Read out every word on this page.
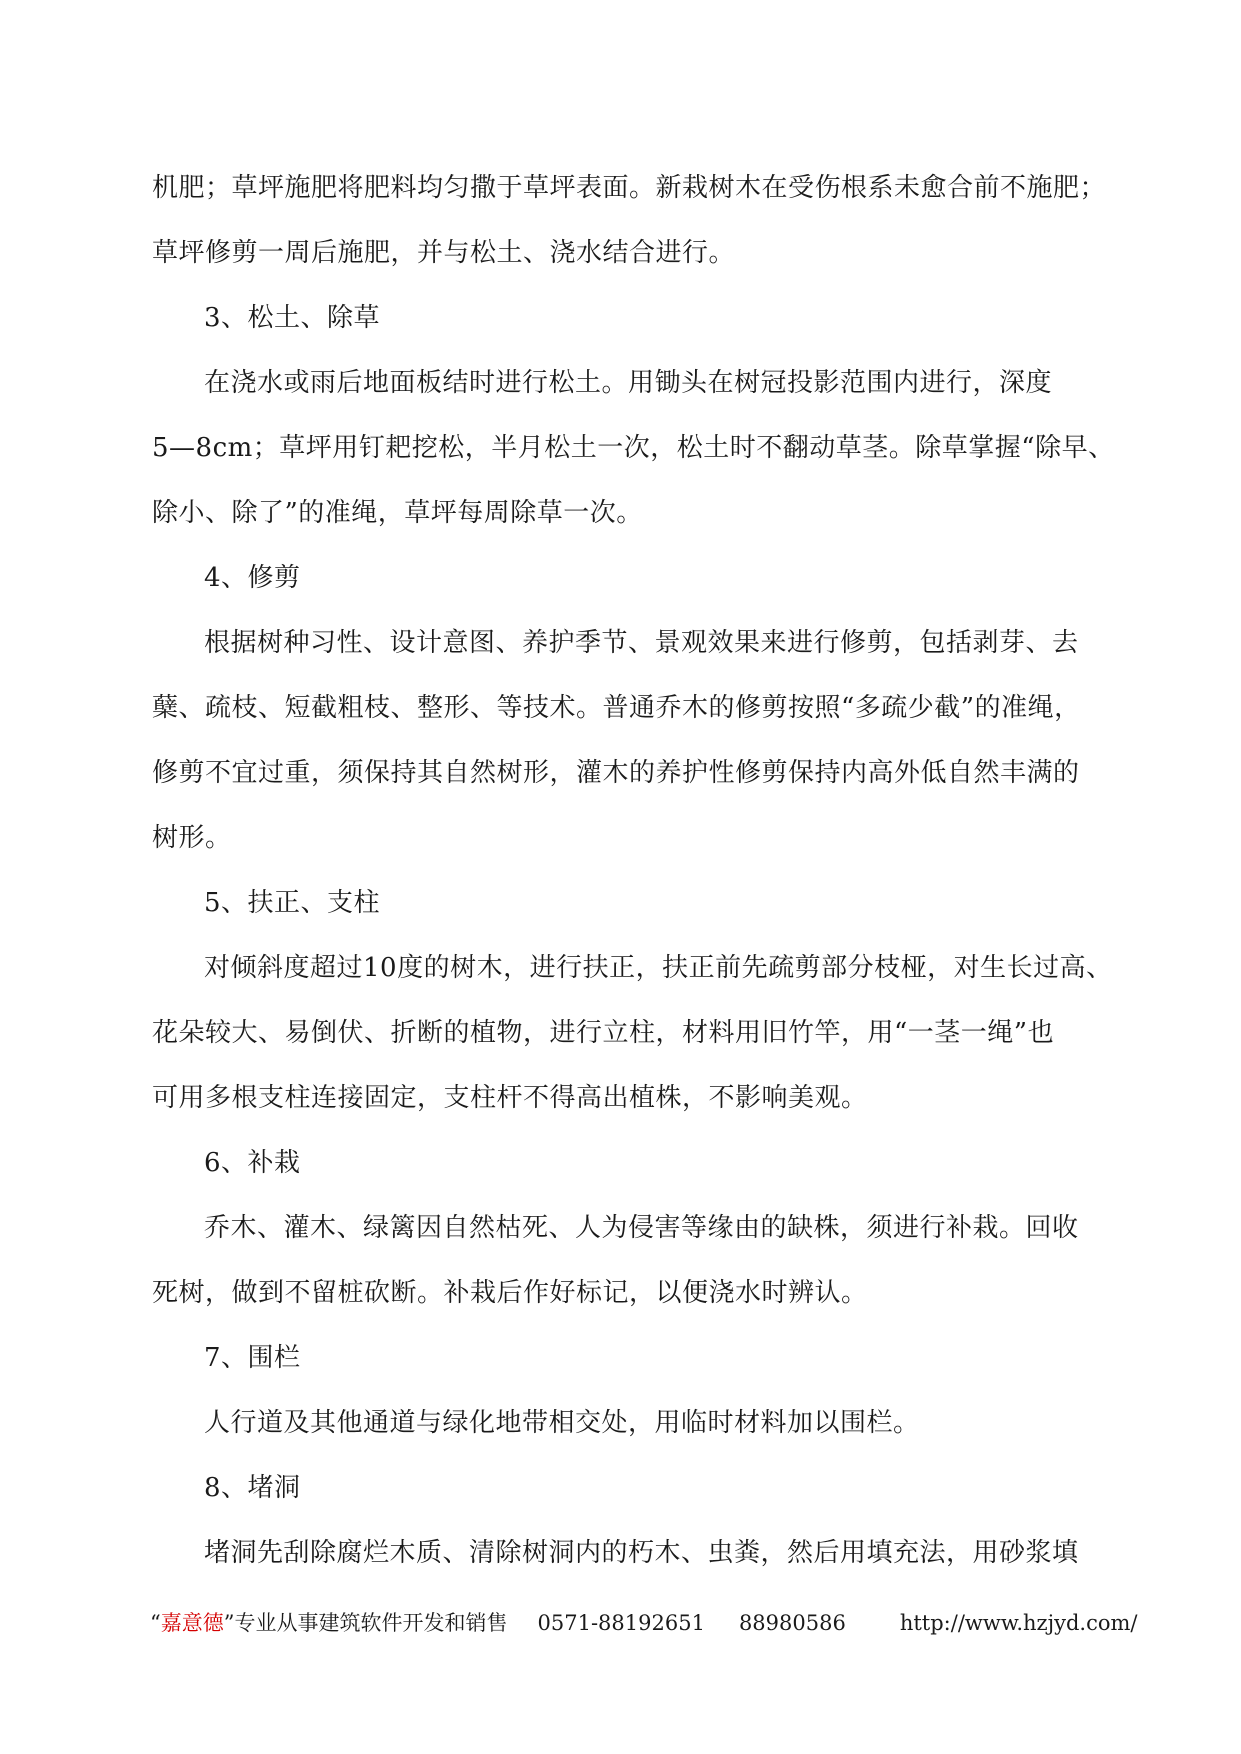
机肥；草坪施肥将肥料均匀撒于草坪表面。新栽树木在受伤根系未愈合前不施肥；
草坪修剪一周后施肥，并与松土、浇水结合进行。
3、松土、除草
在浇水或雨后地面板结时进行松土。用锄头在树冠投影范围内进行，深度
5—8cm；草坪用钉耙挖松，半月松土一次，松土时不翻动草茎。除草掌握“除早、
除小、除了”的准绳，草坪每周除草一次。
4、修剪
根据树种习性、设计意图、养护季节、景观效果来进行修剪，包括剥芽、去
蘖、疏枝、短截粗枝、整形、等技术。普通乔木的修剪按照“多疏少截”的准绳，
修剪不宜过重，须保持其自然树形，灌木的养护性修剪保持内高外低自然丰满的
树形。
5、扶正、支柱
对倾斜度超过10度的树木，进行扶正，扶正前先疏剪部分枝桠，对生长过高、
花朵较大、易倒伏、折断的植物，进行立柱，材料用旧竹竿，用“一茎一绳”也
可用多根支柱连接固定，支柱杆不得高出植株，不影响美观。
6、补栽
乔木、灌木、绿篱因自然枯死、人为侵害等缘由的缺株，须进行补栽。回收
死树，做到不留桩砍断。补栽后作好标记，以便浇水时辨认。
7、围栏
人行道及其他通道与绿化地带相交处，用临时材料加以围栏。
8、堵洞
堵洞先刮除腐烂木质、清除树洞内的朽木、虫粪，然后用填充法，用砂浆填
“嘉意德”专业从事建筑软件开发和销售 0571-88192651 88980586	http://www.hzjyd.com/
